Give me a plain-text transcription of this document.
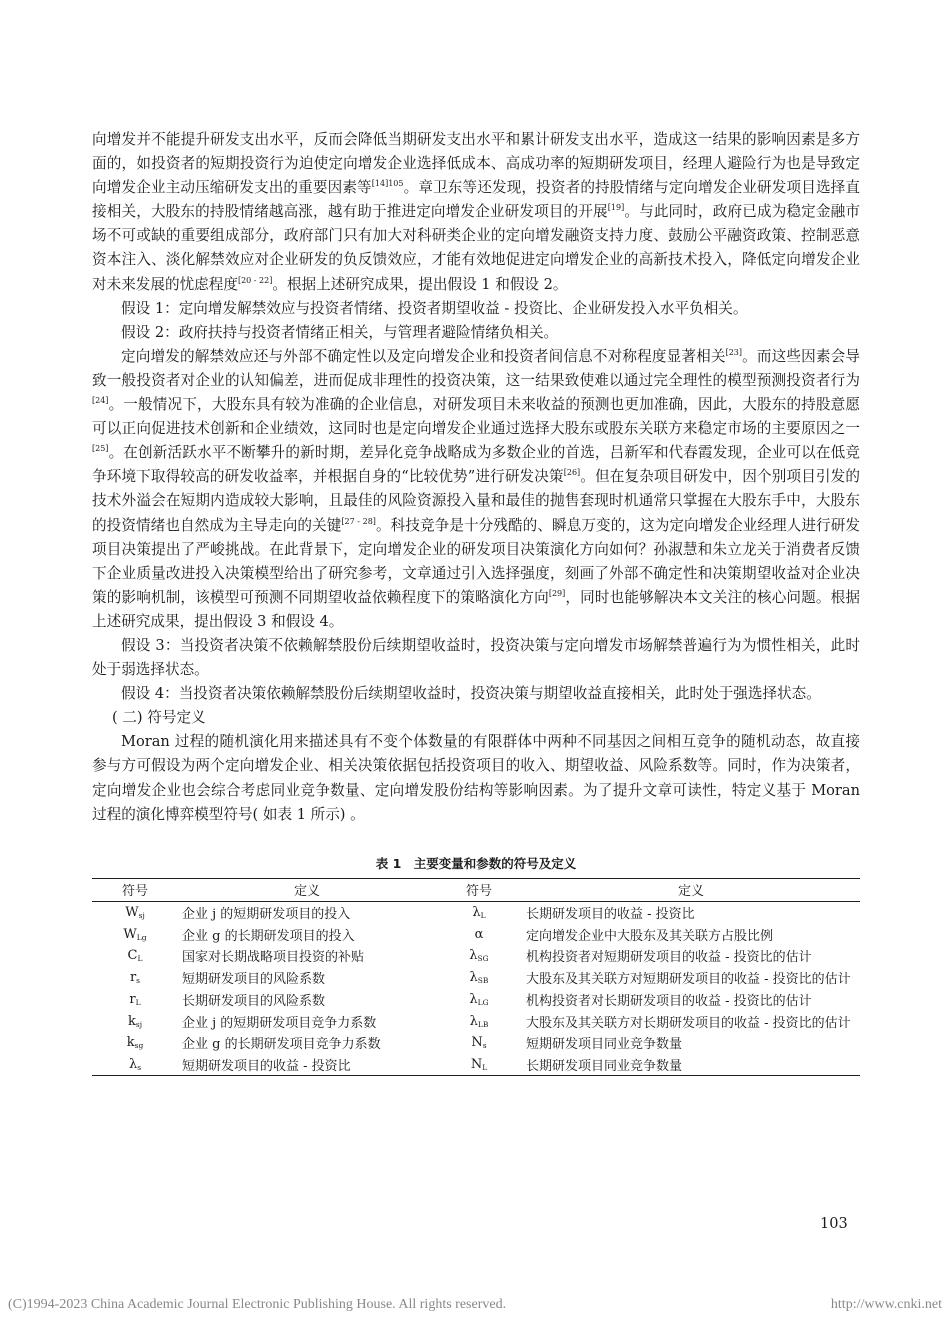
向增发并不能提升研发支出水平，反而会降低当期研发支出水平和累计研发支出水平，造成这一结果的影响因素是多方面的，如投资者的短期投资行为迫使定向增发企业选择低成本、高成功率的短期研发项目，经理人避险行为也是导致定向增发企业主动压缩研发支出的重要因素等$^{[14]105}$。章卫东等还发现，投资者的持股情绪与定向增发企业研发项目选择直接相关，大股东的持股情绪越高涨，越有助于推进定向增发企业研发项目的开展[19]。与此同时，政府已成为稳定金融市场不可或缺的重要组成部分，政府部门只有加大对科研类企业的定向增发融资支持力度、鼓励公平融资政策、控制恶意资本注入、淡化解禁效应对企业研发的负反馈效应，才能有效地促进定向增发企业的高新技术投入，降低定向增发企业对未来发展的忧虑程度[20 - 22]。根据上述研究成果，提出假设 1 和假设 2。

假设 1：定向增发解禁效应与投资者情绪、投资者期望收益 - 投资比、企业研发投入水平负相关。

假设 2：政府扶持与投资者情绪正相关，与管理者避险情绪负相关。

定向增发的解禁效应还与外部不确定性以及定向增发企业和投资者间信息不对称程度显著相关[23]。而这些因素会导致一般投资者对企业的认知偏差，进而促成非理性的投资决策，这一结果致使难以通过完全理性的模型预测投资者行为[24]。一般情况下，大股东具有较为准确的企业信息，对研发项目未来收益的预测也更加准确，因此，大股东的持股意愿可以正向促进技术创新和企业绩效，这同时也是定向增发企业通过选择大股东或股东关联方来稳定市场的主要原因之一[25]。在创新活跃水平不断攀升的新时期，差异化竞争战略成为多数企业的首选，吕新军和代春霞发现，企业可以在低竞争环境下取得较高的研发收益率，并根据自身的“比较优势”进行研发决策[26]。但在复杂项目研发中，因个别项目引发的技术外溢会在短期内造成较大影响，且最佳的风险资源投入量和最佳的抛售套现时机通常只掌握在大股东手中，大股东的投资情绪也自然成为主导走向的关键[27 - 28]。科技竞争是十分残酷的、瞬息万变的，这为定向增发企业经理人进行研发项目决策提出了严峻挑战。在此背景下，定向增发企业的研发项目决策演化方向如何？孙淑慧和朱立龙关于消费者反馈下企业质量改进投入决策模型给出了研究参考，文章通过引入选择强度，刻画了外部不确定性和决策期望收益对企业决策的影响机制，该模型可预测不同期望收益依赖程度下的策略演化方向[29]，同时也能够解决本文关注的核心问题。根据上述研究成果，提出假设 3 和假设 4。

假设 3：当投资者决策不依赖解禁股份后续期望收益时，投资决策与定向增发市场解禁普遍行为为惯性相关，此时处于弱选择状态。

假设 4：当投资者决策依赖解禁股份后续期望收益时，投资决策与期望收益直接相关，此时处于强选择状态。

( 二) 符号定义

Moran 过程的随机演化用来描述具有不变个体数量的有限群体中两种不同基因之间相互竞争的随机动态，故直接参与方可假设为两个定向增发企业、相关决策依据包括投资项目的收入、期望收益、风险系数等。同时，作为决策者，定向增发企业也会综合考虑同业竞争数量、定向增发股份结构等影响因素。为了提升文章可读性，特定义基于 Moran 过程的演化博弈模型符号( 如表 1 所示) 。

表 1　主要变量和参数的符号及定义
符号	定义	符号	定义
$W_{sj}$	企业 j 的短期研发项目的投入	$\lambda_L$	长期研发项目的收益 - 投资比
$W_{Lg}$	企业 g 的长期研发项目的投入	α	定向增发企业中大股东及其关联方占股比例
$C_L$	国家对长期战略项目投资的补贴	$\lambda_{SG}$	机构投资者对短期研发项目的收益 - 投资比的估计
$r_s$	短期研发项目的风险系数	$\lambda_{SB}$	大股东及其关联方对短期研发项目的收益 - 投资比的估计
$r_L$	长期研发项目的风险系数	$\lambda_{LG}$	机构投资者对长期研发项目的收益 - 投资比的估计
$k_{sj}$	企业 j 的短期研发项目竞争力系数	$\lambda_{LB}$	大股东及其关联方对长期研发项目的收益 - 投资比的估计
$k_{sg}$	企业 g 的长期研发项目竞争力系数	$N_s$	短期研发项目同业竞争数量
$\lambda_s$	短期研发项目的收益 - 投资比	$N_L$	长期研发项目同业竞争数量
103
(C)1994-2023 China Academic Journal Electronic Publishing House. All rights reserved.	http://www.cnki.net
